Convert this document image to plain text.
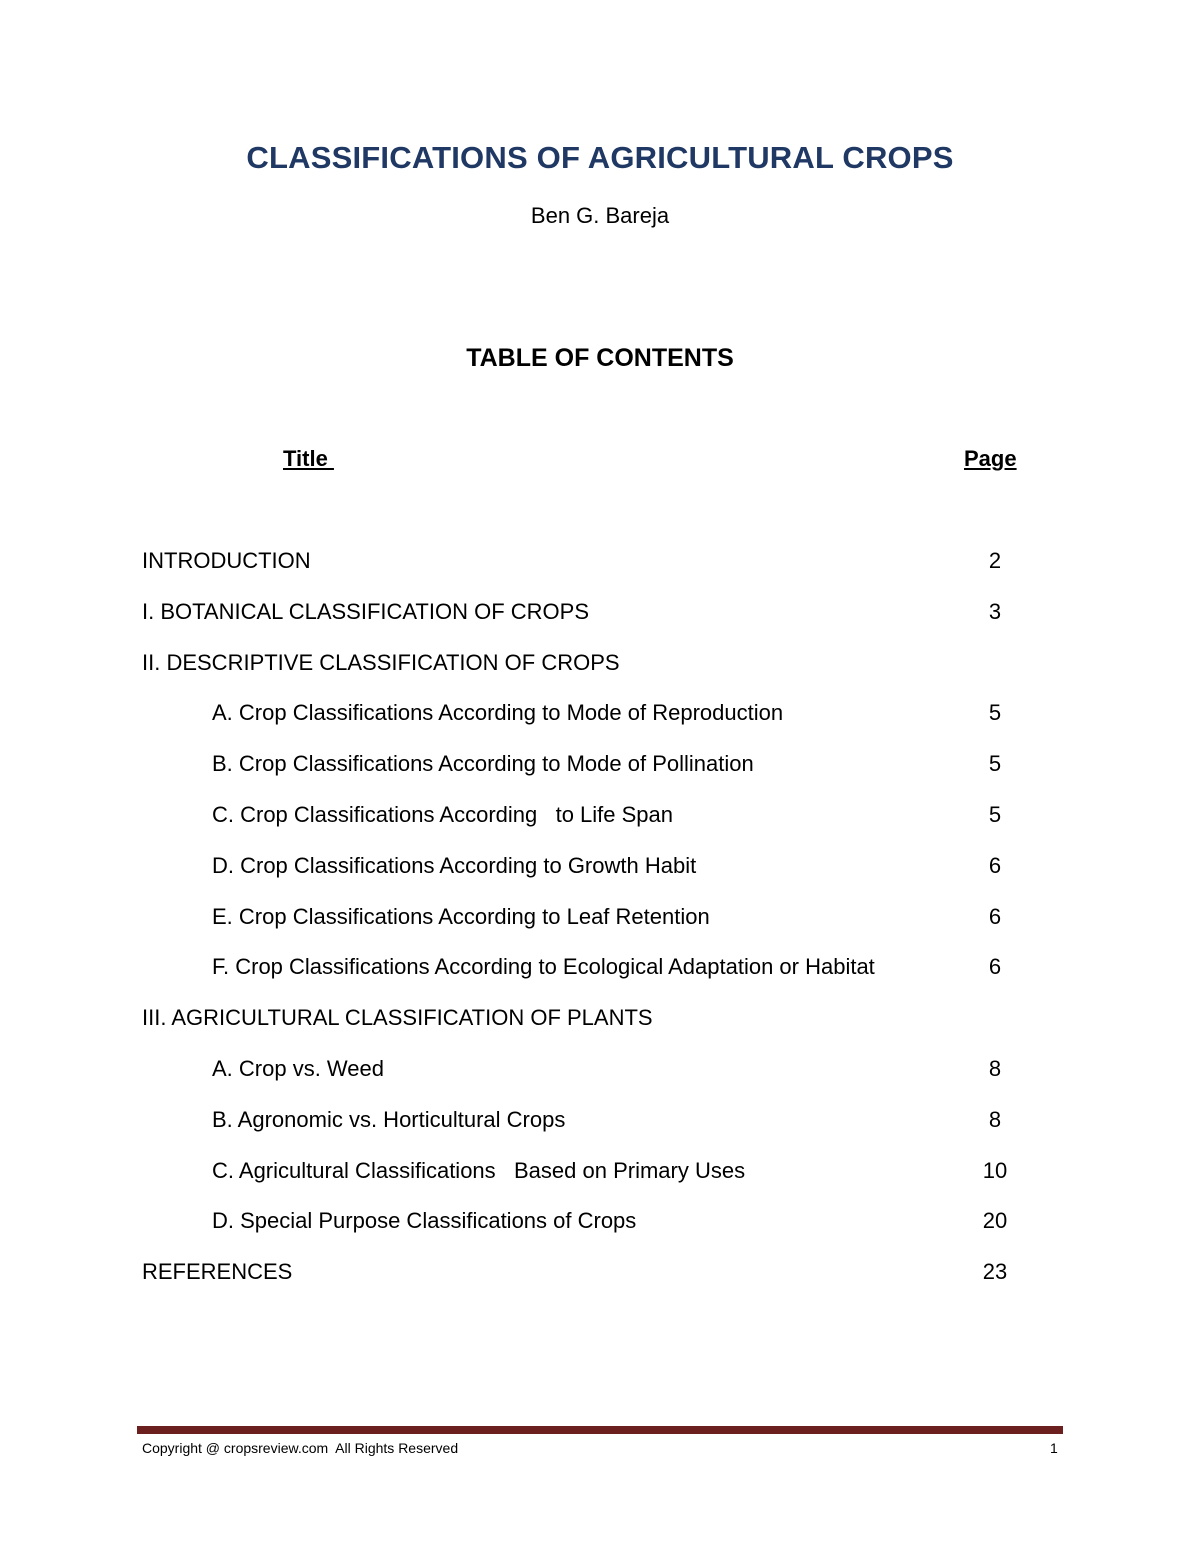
CLASSIFICATIONS OF AGRICULTURAL CROPS
Ben G. Bareja
TABLE OF CONTENTS
Title	Page
INTRODUCTION	2
I. BOTANICAL CLASSIFICATION OF CROPS	3
II. DESCRIPTIVE CLASSIFICATION OF CROPS
A. Crop Classifications According to Mode of Reproduction	5
B. Crop Classifications According to Mode of Pollination	5
C. Crop Classifications According   to Life Span	5
D. Crop Classifications According to Growth Habit	6
E. Crop Classifications According to Leaf Retention	6
F. Crop Classifications According to Ecological Adaptation or Habitat	6
III. AGRICULTURAL CLASSIFICATION OF PLANTS
A. Crop vs. Weed	8
B. Agronomic vs. Horticultural Crops	8
C. Agricultural Classifications   Based on Primary Uses	10
D. Special Purpose Classifications of Crops	20
REFERENCES	23
Copyright @ cropsreview.com  All Rights Reserved	1
